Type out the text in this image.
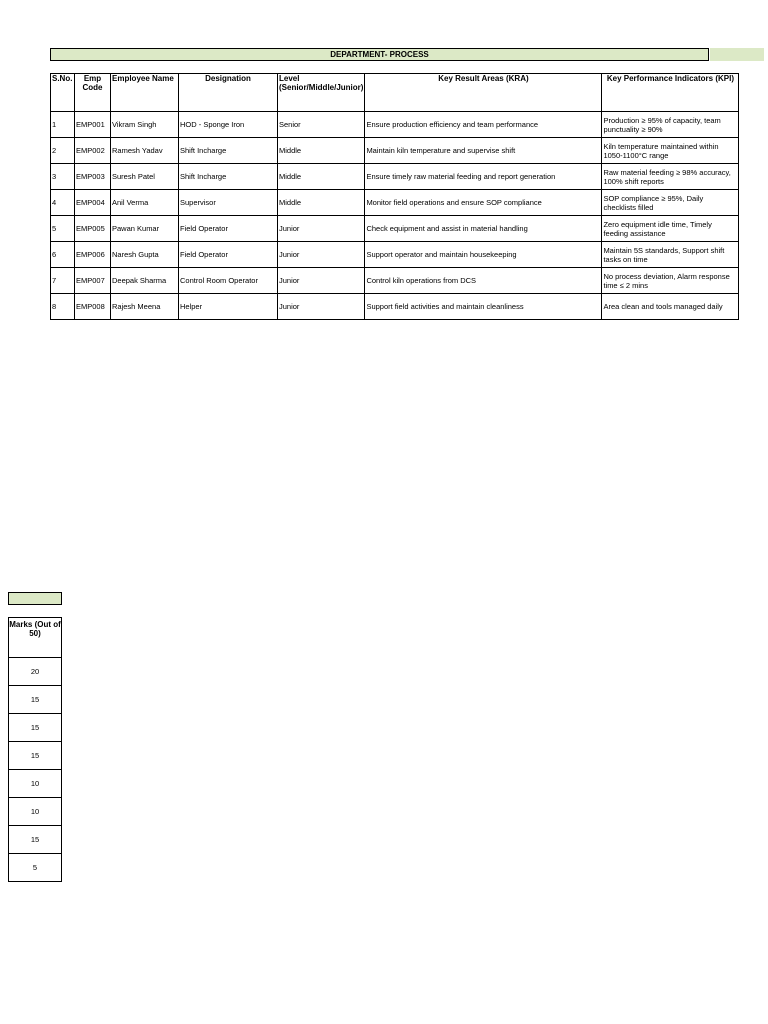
DEPARTMENT- PROCESS
S.No.	Emp Code	Employee Name	Designation	Level (Senior/Middle/Junior)	Key Result Areas (KRA)	Key Performance Indicators (KPI)
1	EMP001	Vikram Singh	HOD - Sponge Iron	Senior	Ensure production efficiency and team performance	Production ≥ 95% of capacity, team punctuality ≥ 90%
2	EMP002	Ramesh Yadav	Shift Incharge	Middle	Maintain kiln temperature and supervise shift	Kiln temperature maintained within 1050-1100°C range
3	EMP003	Suresh Patel	Shift Incharge	Middle	Ensure timely raw material feeding and report generation	Raw material feeding ≥ 98% accuracy, 100% shift reports
4	EMP004	Anil Verma	Supervisor	Middle	Monitor field operations and ensure SOP compliance	SOP compliance ≥ 95%, Daily checklists filled
5	EMP005	Pawan Kumar	Field Operator	Junior	Check equipment and assist in material handling	Zero equipment idle time, Timely feeding assistance
6	EMP006	Naresh Gupta	Field Operator	Junior	Support operator and maintain housekeeping	Maintain 5S standards, Support shift tasks on time
7	EMP007	Deepak Sharma	Control Room Operator	Junior	Control kiln operations from DCS	No process deviation, Alarm response time ≤ 2 mins
8	EMP008	Rajesh Meena	Helper	Junior	Support field activities and maintain cleanliness	Area clean and tools managed daily
Marks (Out of 50)
20
15
15
15
10
10
15
5
